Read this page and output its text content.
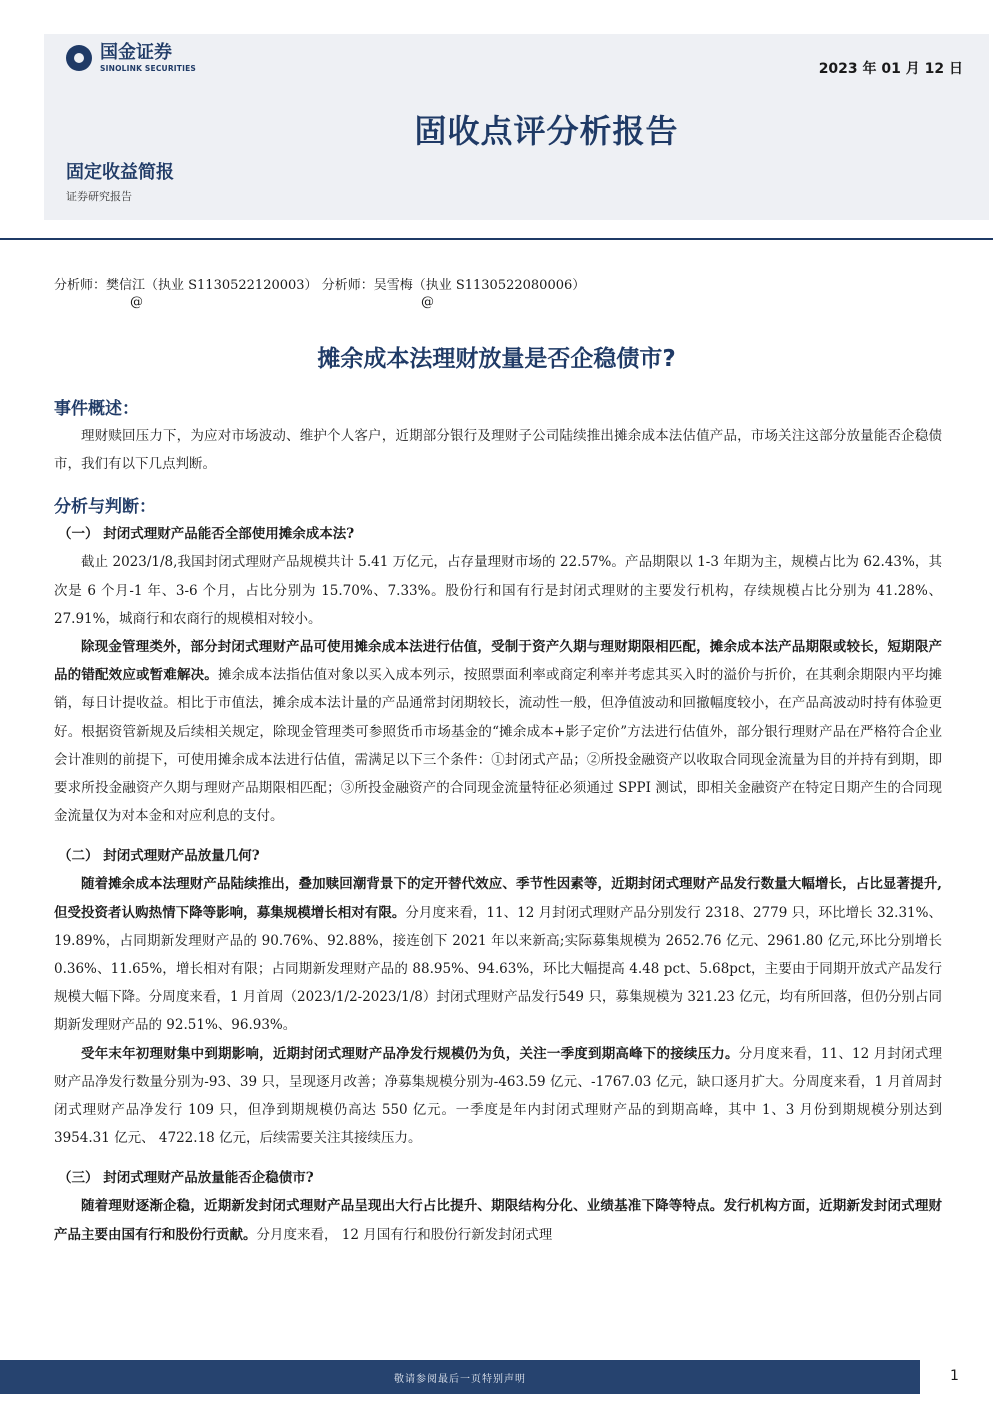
国金证券
SINOLINK SECURITIES	2023 年 01 月 12 日
固收点评分析报告
固定收益简报
证券研究报告
分析师：樊信江（执业 S1130522120003） 分析师：吴雪梅（执业 S1130522080006）
@	@
摊余成本法理财放量是否企稳债市?
事件概述：

理财赎回压力下，为应对市场波动、维护个人客户，近期部分银行及理财子公司陆续推出摊余成本法估值产品，市场关注这部分放量能否企稳债市，我们有以下几点判断。

分析与判断：
（一） 封闭式理财产品能否全部使用摊余成本法?

截止 2023/1/8,我国封闭式理财产品规模共计 5.41 万亿元，占存量理财市场的 22.57%。产品期限以 1-3 年期为主，规模占比为 62.43%，其次是 6 个月-1 年、3-6 个月，占比分别为 15.70%、7.33%。股份行和国有行是封闭式理财的主要发行机构，存续规模占比分别为 41.28%、27.91%，城商行和农商行的规模相对较小。

除现金管理类外，部分封闭式理财产品可使用摊余成本法进行估值，受制于资产久期与理财期限相匹配，摊余成本法产品期限或较长，短期限产品的错配效应或暂难解决。摊余成本法指估值对象以买入成本列示，按照票面利率或商定利率并考虑其买入时的溢价与折价，在其剩余期限内平均摊销，每日计提收益。相比于市值法，摊余成本法计量的产品通常封闭期较长，流动性一般，但净值波动和回撤幅度较小，在产品高波动时持有体验更好。根据资管新规及后续相关规定，除现金管理类可参照货币市场基金的“摊余成本+影子定价”方法进行估值外，部分银行理财产品在严格符合企业会计准则的前提下，可使用摊余成本法进行估值，需满足以下三个条件：①封闭式产品；②所投金融资产以收取合同现金流量为目的并持有到期，即要求所投金融资产久期与理财产品期限相匹配；③所投金融资产的合同现金流量特征必须通过 SPPI 测试，即相关金融资产在特定日期产生的合同现金流量仅为对本金和对应利息的支付。

（二） 封闭式理财产品放量几何?

随着摊余成本法理财产品陆续推出，叠加赎回潮背景下的定开替代效应、季节性因素等，近期封闭式理财产品发行数量大幅增长，占比显著提升,但受投资者认购热情下降等影响，募集规模增长相对有限。分月度来看，11、12 月封闭式理财产品分别发行 2318、2779 只，环比增长 32.31%、19.89%，占同期新发理财产品的 90.76%、92.88%，接连创下 2021 年以来新高;实际募集规模为 2652.76 亿元、2961.80 亿元,环比分别增长 0.36%、11.65%，增长相对有限；占同期新发理财产品的 88.95%、94.63%，环比大幅提高 4.48 pct、5.68pct，主要由于同期开放式产品发行规模大幅下降。分周度来看，1 月首周（2023/1/2-2023/1/8）封闭式理财产品发行549 只，募集规模为 321.23 亿元，均有所回落，但仍分别占同期新发理财产品的 92.51%、96.93%。

受年末年初理财集中到期影响，近期封闭式理财产品净发行规模仍为负，关注一季度到期高峰下的接续压力。分月度来看，11、12 月封闭式理财产品净发行数量分别为-93、39 只，呈现逐月改善；净募集规模分别为-463.59 亿元、-1767.03 亿元，缺口逐月扩大。分周度来看，1 月首周封闭式理财产品净发行 109 只，但净到期规模仍高达 550 亿元。一季度是年内封闭式理财产品的到期高峰，其中 1、3 月份到期规模分别达到 3954.31 亿元、 4722.18 亿元，后续需要关注其接续压力。

（三） 封闭式理财产品放量能否企稳债市?

随着理财逐渐企稳，近期新发封闭式理财产品呈现出大行占比提升、期限结构分化、业绩基准下降等特点。发行机构方面，近期新发封闭式理财产品主要由国有行和股份行贡献。分月度来看， 12 月国有行和股份行新发封闭式理

敬请参阅最后一页特别声明	1
